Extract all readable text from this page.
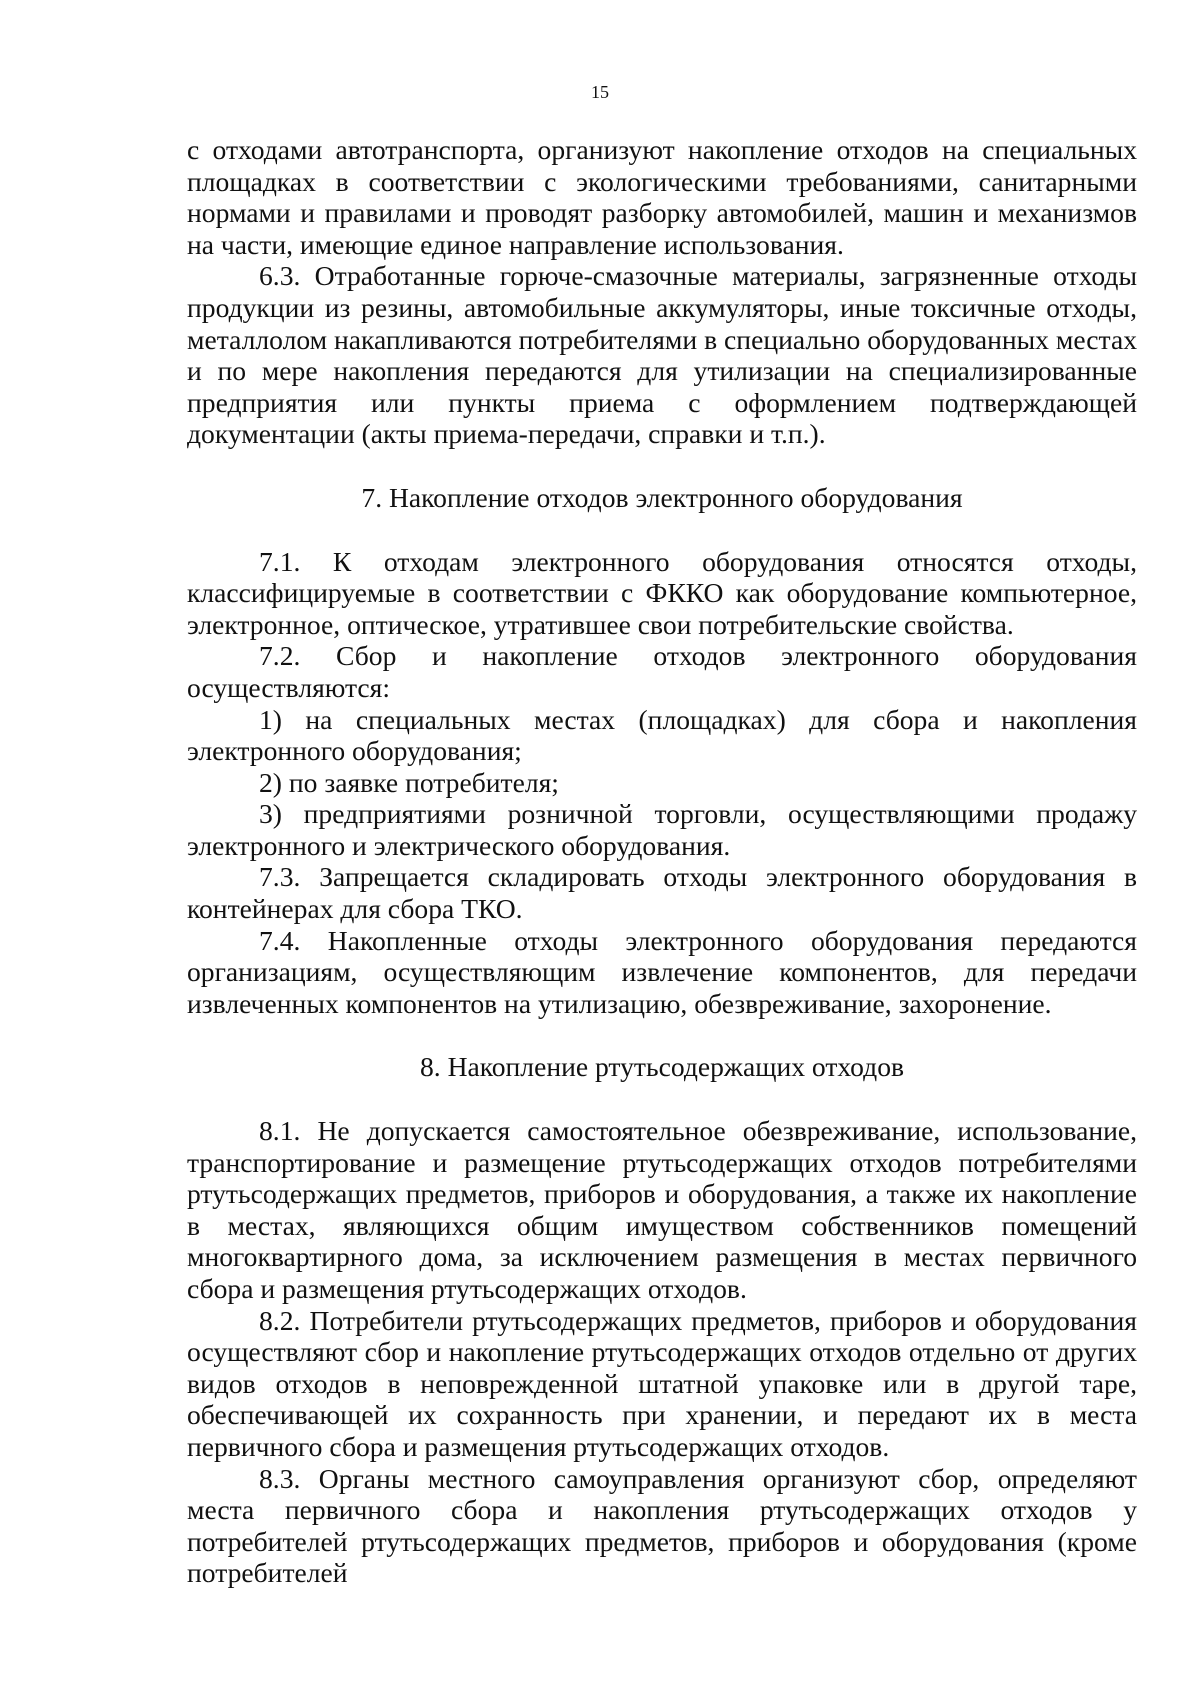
15

с отходами автотранспорта, организуют накопление отходов на специальных площадках в соответствии с экологическими требованиями, санитарными нормами и правилами и проводят разборку автомобилей, машин и механизмов на части, имеющие единое направление использования.

6.3. Отработанные горюче-смазочные материалы, загрязненные отходы продукции из резины, автомобильные аккумуляторы, иные токсичные отходы, металлолом накапливаются потребителями в специально оборудованных местах и по мере накопления передаются для утилизации на специализированные предприятия или пункты приема с оформлением подтверждающей документации (акты приема-передачи, справки и т.п.).

7. Накопление отходов электронного оборудования

7.1. К отходам электронного оборудования относятся отходы, классифицируемые в соответствии с ФККО как оборудование компьютерное, электронное, оптическое, утратившее свои потребительские свойства.

7.2. Сбор и накопление отходов электронного оборудования осуществляются:

1) на специальных местах (площадках) для сбора и накопления электронного оборудования;

2) по заявке потребителя;

3) предприятиями розничной торговли, осуществляющими продажу электронного и электрического оборудования.

7.3. Запрещается складировать отходы электронного оборудования в контейнерах для сбора ТКО.

7.4. Накопленные отходы электронного оборудования передаются организациям, осуществляющим извлечение компонентов, для передачи извлеченных компонентов на утилизацию, обезвреживание, захоронение.

8. Накопление ртутьсодержащих отходов

8.1. Не допускается самостоятельное обезвреживание, использование, транспортирование и размещение ртутьсодержащих отходов потребителями ртутьсодержащих предметов, приборов и оборудования, а также их накопление в местах, являющихся общим имуществом собственников помещений многоквартирного дома, за исключением размещения в местах первичного сбора и размещения ртутьсодержащих отходов.

8.2. Потребители ртутьсодержащих предметов, приборов и оборудования осуществляют сбор и накопление ртутьсодержащих отходов отдельно от других видов отходов в неповрежденной штатной упаковке или в другой таре, обеспечивающей их сохранность при хранении, и передают их в места первичного сбора и размещения ртутьсодержащих отходов.

8.3. Органы местного самоуправления организуют сбор, определяют места первичного сбора и накопления ртутьсодержащих отходов у потребителей ртутьсодержащих предметов, приборов и оборудования (кроме потребителей
